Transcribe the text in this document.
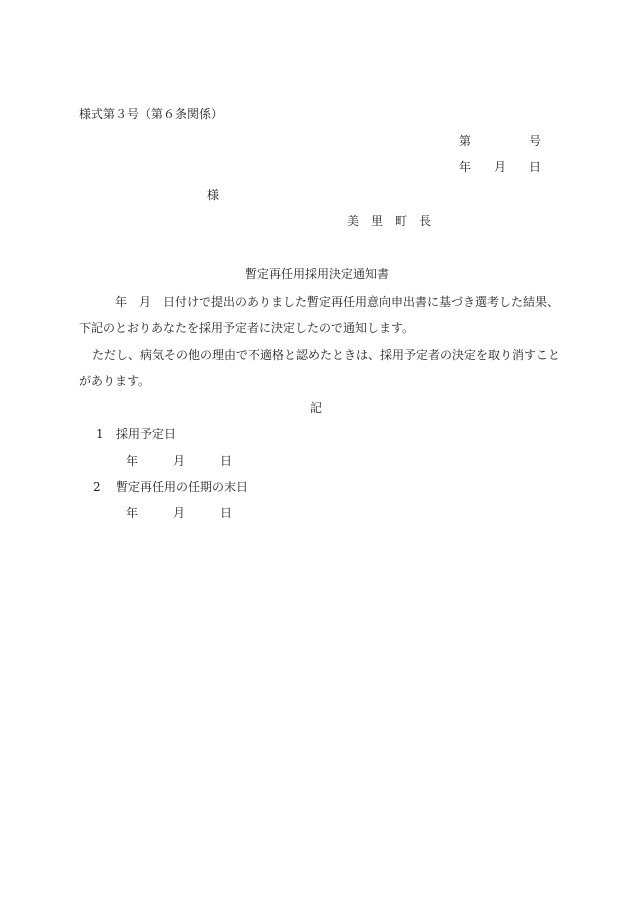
様式第３号（第６条関係）
第	号
年 月 日
様
美　里　町　長
暫定再任用採用決定通知書
年　月　日付けで提出のありました暫定再任用意向申出書に基づき選考した結果、
下記のとおりあなたを採用予定者に決定したので通知します。
ただし、病気その他の理由で不適格と認めたときは、採用予定者の決定を取り消すこと
があります。
記
1 採用予定日
年	月	日
2 暫定再任用の任期の末日
年	月	日
